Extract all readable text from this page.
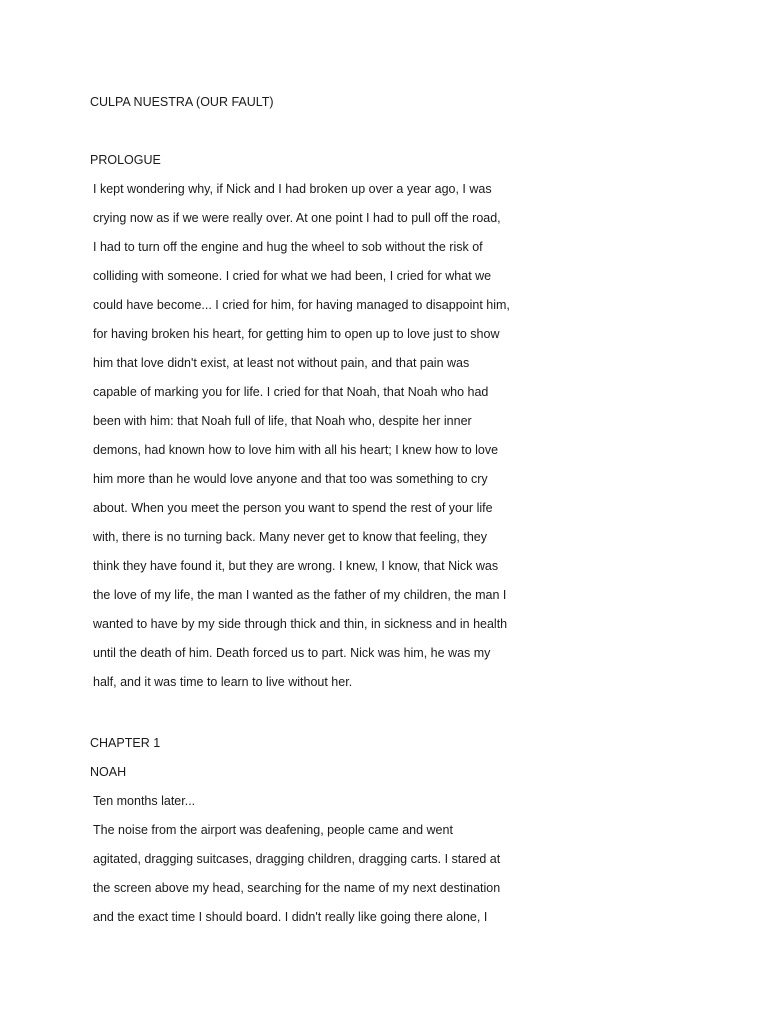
CULPA NUESTRA (OUR FAULT)
PROLOGUE
I kept wondering why, if Nick and I had broken up over a year ago, I was
crying now as if we were really over. At one point I had to pull off the road,
I had to turn off the engine and hug the wheel to sob without the risk of
colliding with someone. I cried for what we had been, I cried for what we
could have become... I cried for him, for having managed to disappoint him,
for having broken his heart, for getting him to open up to love just to show
him that love didn't exist, at least not without pain, and that pain was
capable of marking you for life. I cried for that Noah, that Noah who had
been with him: that Noah full of life, that Noah who, despite her inner
demons, had known how to love him with all his heart; I knew how to love
him more than he would love anyone and that too was something to cry
about. When you meet the person you want to spend the rest of your life
with, there is no turning back. Many never get to know that feeling, they
think they have found it, but they are wrong. I knew, I know, that Nick was
the love of my life, the man I wanted as the father of my children, the man I
wanted to have by my side through thick and thin, in sickness and in health
until the death of him. Death forced us to part. Nick was him, he was my
half, and it was time to learn to live without her.
CHAPTER 1
NOAH
Ten months later...
The noise from the airport was deafening, people came and went
agitated, dragging suitcases, dragging children, dragging carts. I stared at
the screen above my head, searching for the name of my next destination
and the exact time I should board. I didn't really like going there alone, I
